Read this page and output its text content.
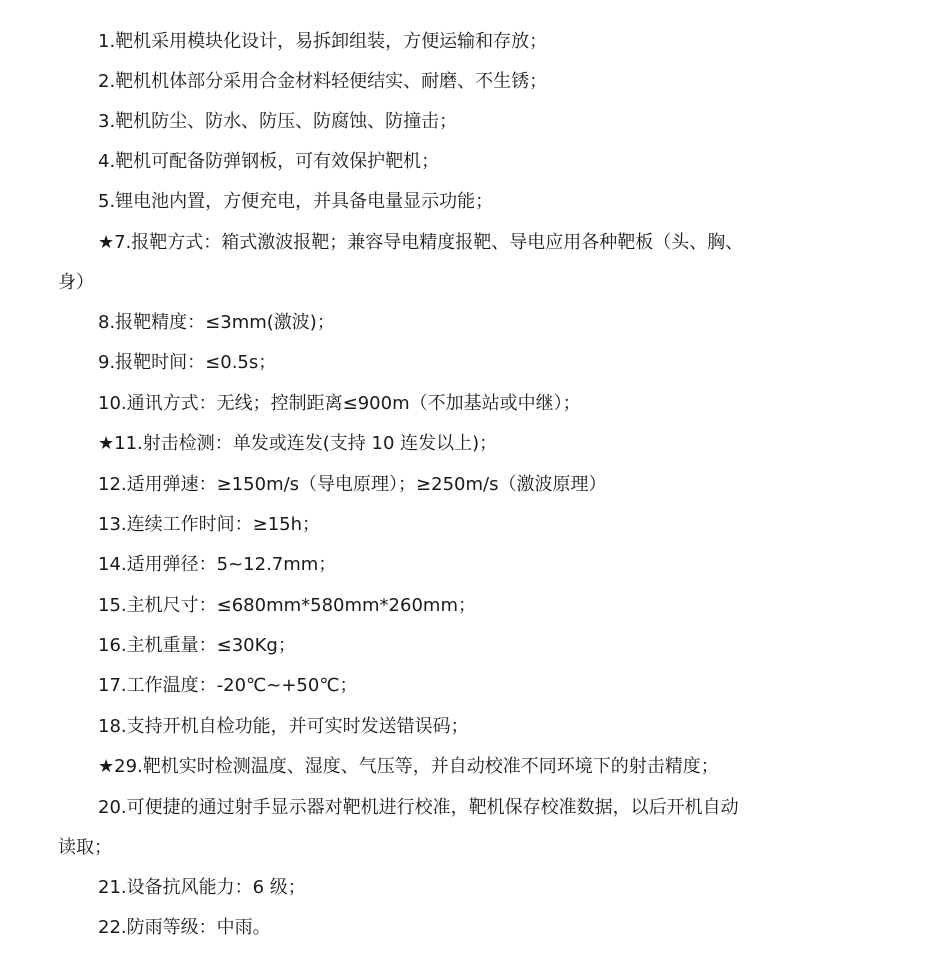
1.靶机采用模块化设计，易拆卸组装，方便运输和存放；
2.靶机机体部分采用合金材料轻便结实、耐磨、不生锈；
3.靶机防尘、防水、防压、防腐蚀、防撞击；
4.靶机可配备防弹钢板，可有效保护靶机；
5.锂电池内置，方便充电，并具备电量显示功能；
★7.报靶方式：箱式激波报靶；兼容导电精度报靶、导电应用各种靶板（头、胸、
身）
8.报靶精度：≤3mm(激波)；
9.报靶时间：≤0.5s；
10.通讯方式：无线；控制距离≤900m（不加基站或中继）；
★11.射击检测：单发或连发(支持 10 连发以上)；
12.适用弹速：≥150m/s（导电原理）；≥250m/s（激波原理）
13.连续工作时间：≥15h；
14.适用弹径：5~12.7mm；
15.主机尺寸：≤680mm*580mm*260mm；
16.主机重量：≤30Kg；
17.工作温度：-20℃~+50℃；
18.支持开机自检功能，并可实时发送错误码；
★29.靶机实时检测温度、湿度、气压等，并自动校准不同环境下的射击精度；
20.可便捷的通过射手显示器对靶机进行校准，靶机保存校准数据，以后开机自动
读取；
21.设备抗风能力：6 级；
22.防雨等级：中雨。
